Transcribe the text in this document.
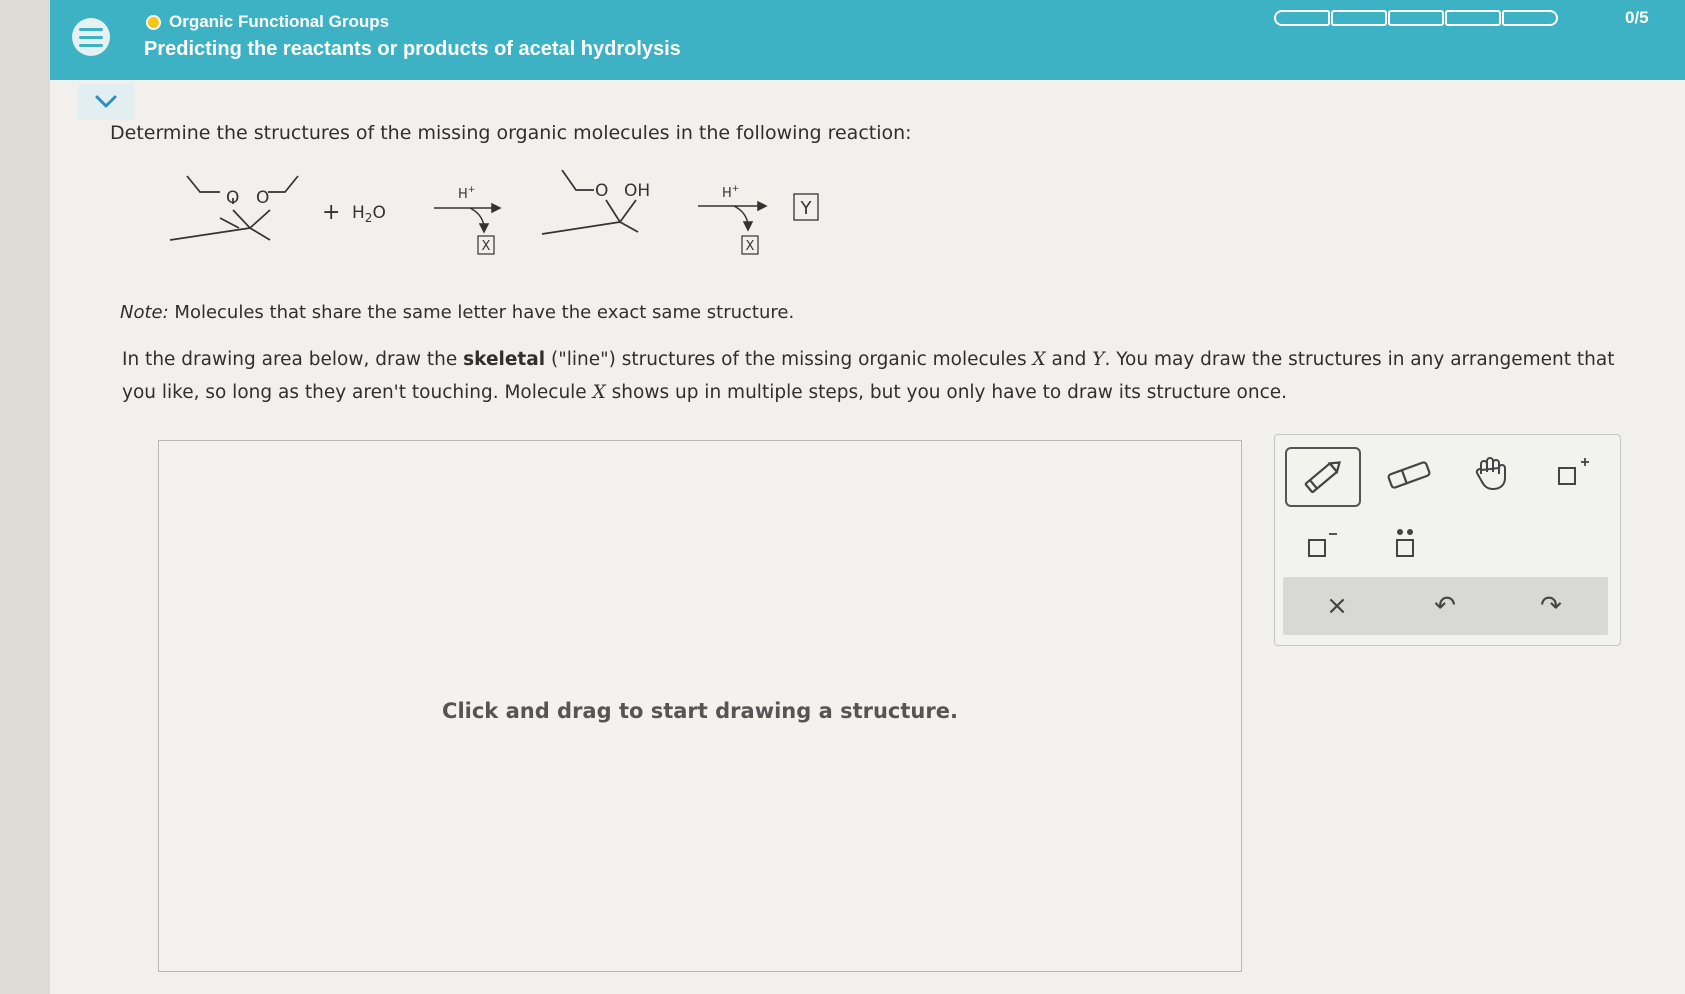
Organic Functional Groups
Predicting the reactants or products of acetal hydrolysis
0/5
Determine the structures of the missing organic molecules in the following reaction:
O O
+ $H_2O$
H+
X
O OH	H+
X
Y
Note: Molecules that share the same letter have the exact same structure.
In the drawing area below, draw the skeletal ("line") structures of the missing organic molecules X and Y. You may draw the structures in any arrangement that you like, so long as they aren't touching. Molecule X shows up in multiple steps, but you only have to draw its structure once.
Click and drag to start drawing a structure.
×	↶	↷
